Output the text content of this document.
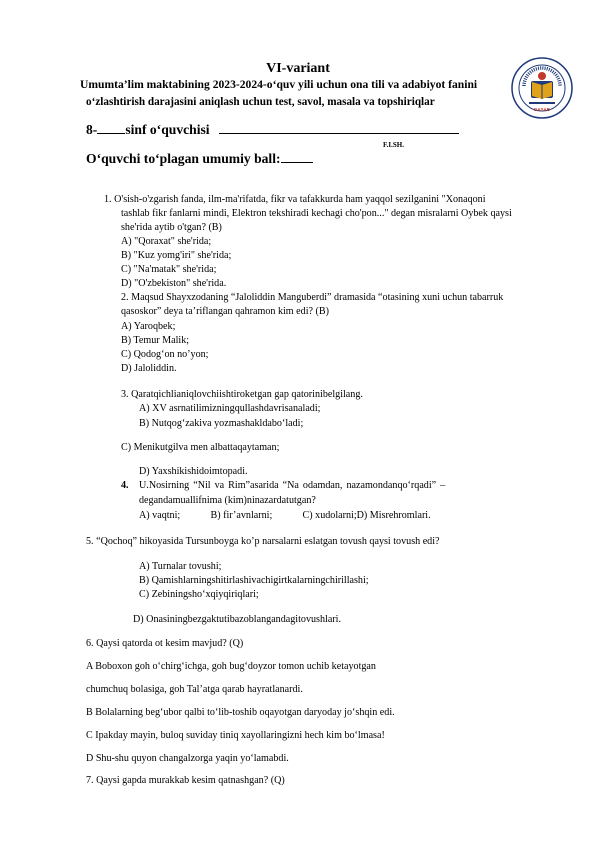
VI-variant
Umumta’lim maktabining 2023-2024-o‘quv yili uchun ona tili va adabiyot fanini
o‘zlashtirish darajasini aniqlash uchun test, savol, masala va topshiriqlar
8- sinf o‘quvchisi
F.I.SH.
O‘quvchi to‘plagan umumiy ball:
DASAB
1. O'sish-o'zgarish fanda, ilm-ma'rifatda, fikr va tafakkurda ham yaqqol sezilganini "Xonaqoni
tashlab fikr fanlarni mindi, Elektron tekshiradi kechagi cho'pon..." degan misralarni Oybek qaysi
she'rida aytib o'tgan? (B)
A) "Qoraxat" she'rida;
B) "Kuz yomg'iri" she'rida;
C) "Na'matak" she'rida;
D) "O'zbekiston" she'rida.
2. Maqsud Shayxzodaning “Jaloliddin Manguberdi” dramasida “otasining xuni uchun tabarruk
qasoskor” deya ta’riflangan qahramon kim edi? (B)
A) Yaroqbek;
B) Temur Malik;
C) Qodog‘on no’yon;
D) Jaloliddin.
3. Qaratqichlianiqlovchiishtiroketgan gap qatorinibelgilang.
A) XV asrnatilimizningqullashdavrisanaladi;
B) Nutqog‘zakiva yozmashakldabo‘ladi;
C) Menikutgilva men albattaqaytaman;
D) Yaxshikishidoimtopadi.
4. U.Nosirning “Nil va Rim”asarida “Na odamdan, nazamondanqo‘rqadi” –
degandamuallifnima (kim)ninazardatutgan?
A) vaqtni;            B) fir’avnlarni;            C) xudolarni;D) Misrehromlari.
5. “Qochoq” hikoyasida Tursunboyga ko’p narsalarni eslatgan tovush qaysi tovush edi?
A) Turnalar tovushi;
B) Qamishlarningshitirlashivachigirtkalarningchirillashi;
C) Zebiningsho‘xqiyqiriqlari;
D) Onasiningbezgaktutibazoblangandagitovushlari.
6. Qaysi qatorda ot kesim mavjud? (Q)
A Boboxon goh o‘chirg‘ichga, goh bug‘doyzor tomon uchib ketayotgan
chumchuq bolasiga, goh Tal’atga qarab hayratlanardi.
B Bolalarning beg‘ubor qalbi to‘lib-toshib oqayotgan daryoday jo‘shqin edi.
C Ipakday mayin, buloq suviday tiniq xayollaringizni hech kim bo‘lmasa!
D Shu-shu quyon changalzorga yaqin yo‘lamabdi.
7. Qaysi gapda murakkab kesim qatnashgan? (Q)
